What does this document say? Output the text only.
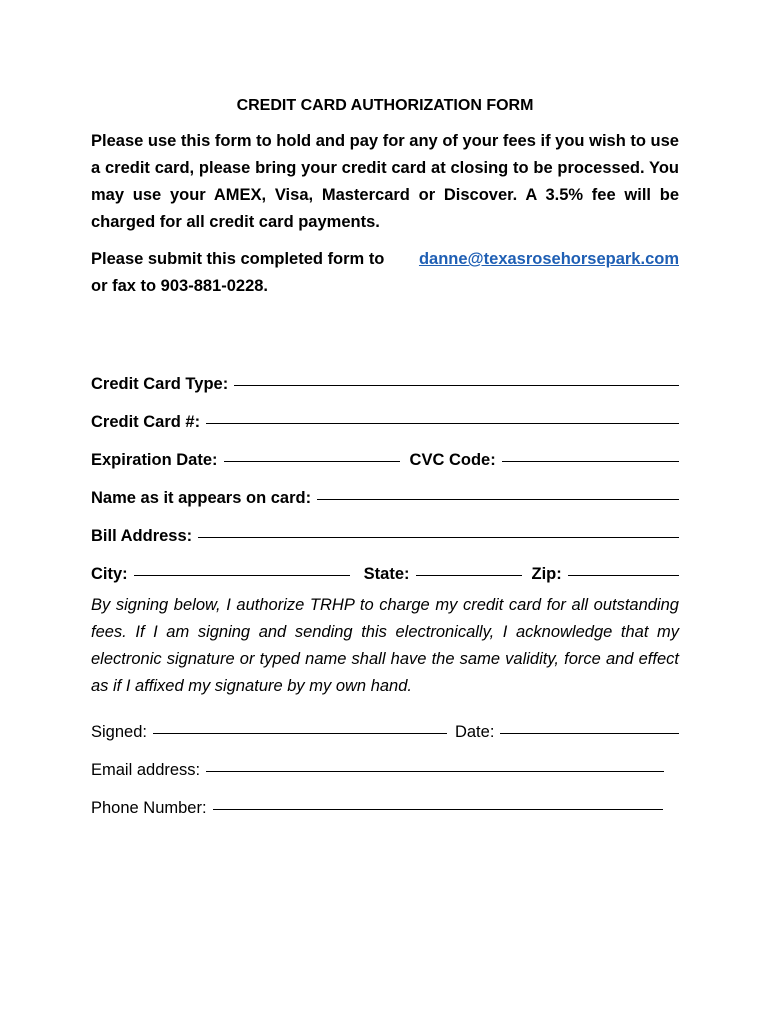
CREDIT CARD AUTHORIZATION FORM

Please use this form to hold and pay for any of your fees if you wish to use a credit card, please bring your credit card at closing to be processed. You may use your AMEX, Visa, Mastercard or Discover. A 3.5% fee will be charged for all credit card payments.

Please submit this completed form to danne@texasrosehorsepark.com
or fax to 903-881-0228.
Credit Card Type:
Credit Card #:
Expiration Date:	CVC Code:
Name as it appears on card:
Bill Address:
City:	State:	Zip:

By signing below, I authorize TRHP to charge my credit card for all outstanding fees. If I am signing and sending this electronically, I acknowledge that my electronic signature or typed name shall have the same validity, force and effect as if I affixed my signature by my own hand.

Signed:	Date:
Email address:
Phone Number:
